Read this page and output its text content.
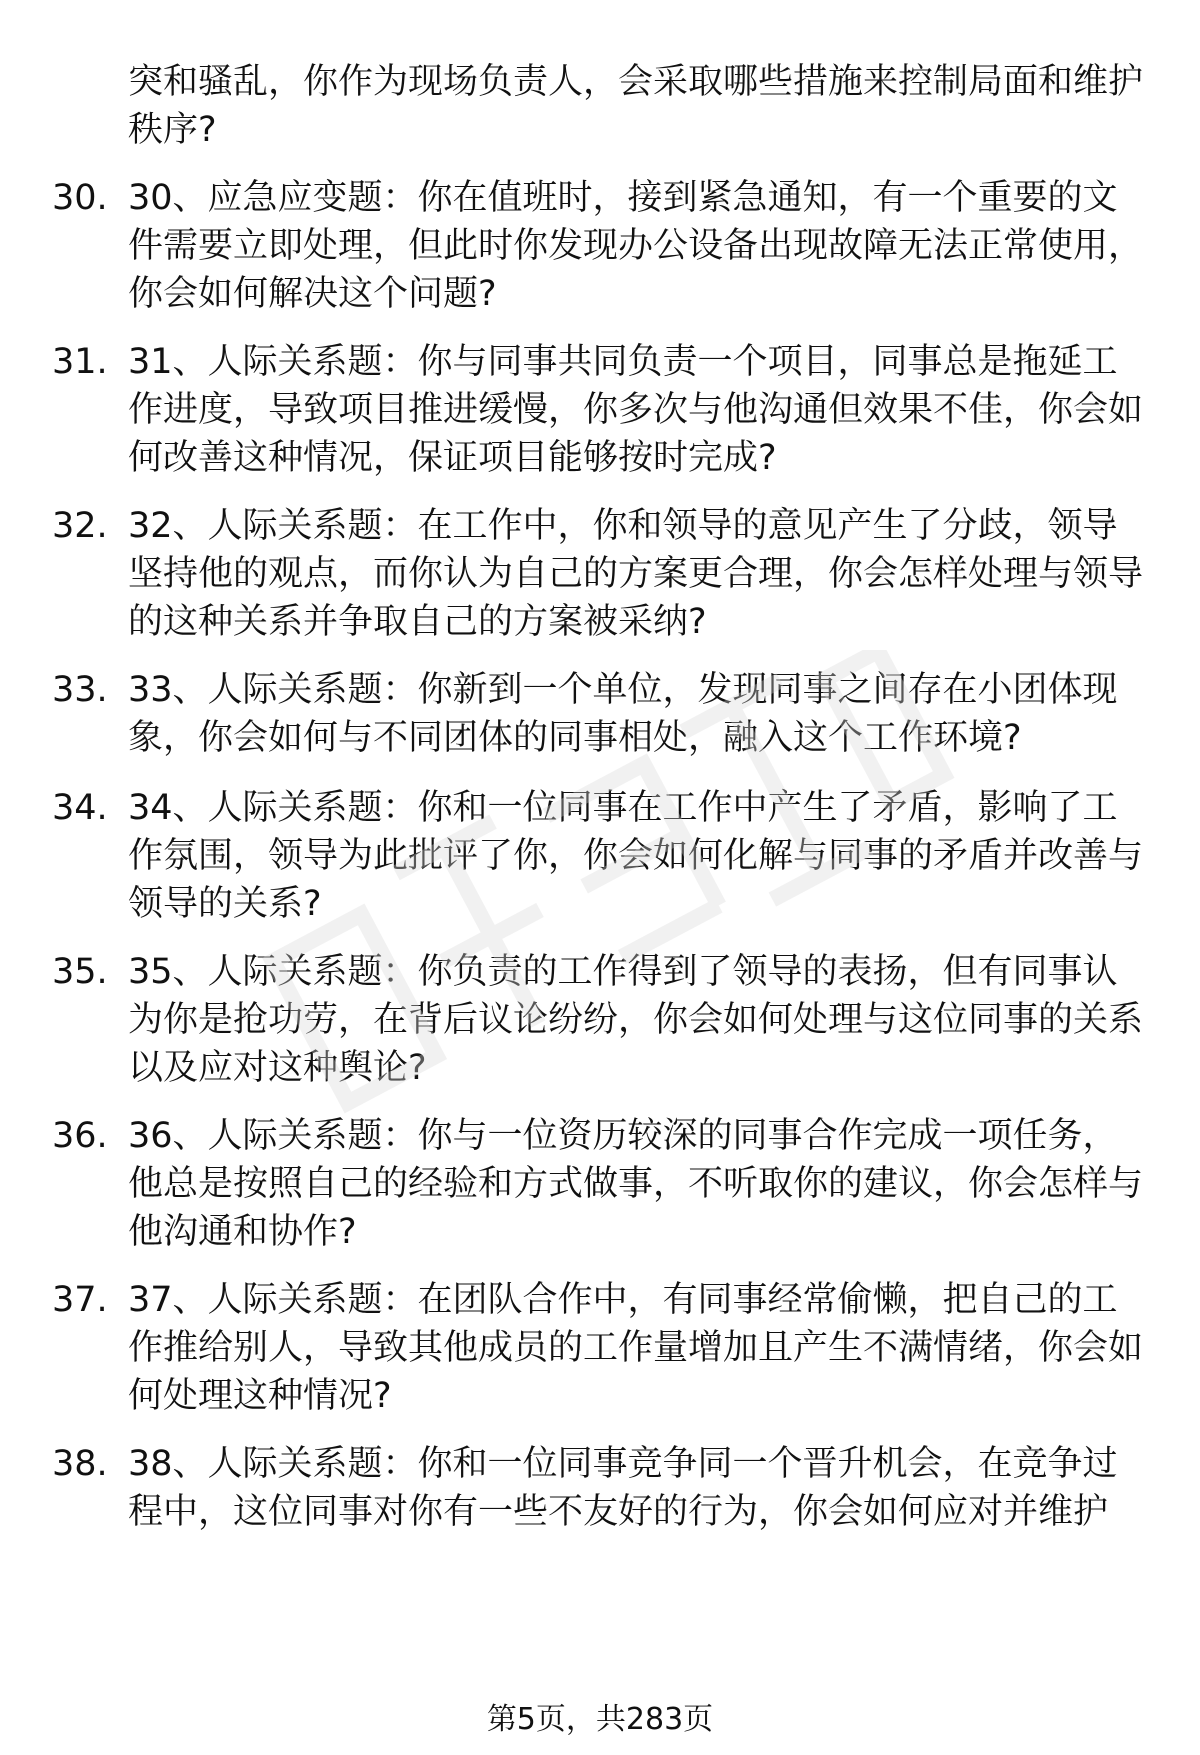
突和骚乱，你作为现场负责人，会采取哪些措施来控制局面和维护秩序?
30. 30、应急应变题：你在值班时，接到紧急通知，有一个重要的文件需要立即处理，但此时你发现办公设备出现故障无法正常使用，你会如何解决这个问题?
31. 31、人际关系题：你与同事共同负责一个项目，同事总是拖延工作进度，导致项目推进缓慢，你多次与他沟通但效果不佳，你会如何改善这种情况，保证项目能够按时完成?
32. 32、人际关系题：在工作中，你和领导的意见产生了分歧，领导坚持他的观点，而你认为自己的方案更合理，你会怎样处理与领导的这种关系并争取自己的方案被采纳?
33. 33、人际关系题：你新到一个单位，发现同事之间存在小团体现象，你会如何与不同团体的同事相处，融入这个工作环境?
34. 34、人际关系题：你和一位同事在工作中产生了矛盾，影响了工作氛围，领导为此批评了你，你会如何化解与同事的矛盾并改善与领导的关系?
35. 35、人际关系题：你负责的工作得到了领导的表扬，但有同事认为你是抢功劳，在背后议论纷纷，你会如何处理与这位同事的关系以及应对这种舆论?
36. 36、人际关系题：你与一位资历较深的同事合作完成一项任务，他总是按照自己的经验和方式做事，不听取你的建议，你会怎样与他沟通和协作?
37. 37、人际关系题：在团队合作中，有同事经常偷懒，把自己的工作推给别人，导致其他成员的工作量增加且产生不满情绪，你会如何处理这种情况?
38. 38、人际关系题：你和一位同事竞争同一个晋升机会，在竞争过程中，这位同事对你有一些不友好的行为，你会如何应对并维护
第5页，共283页
